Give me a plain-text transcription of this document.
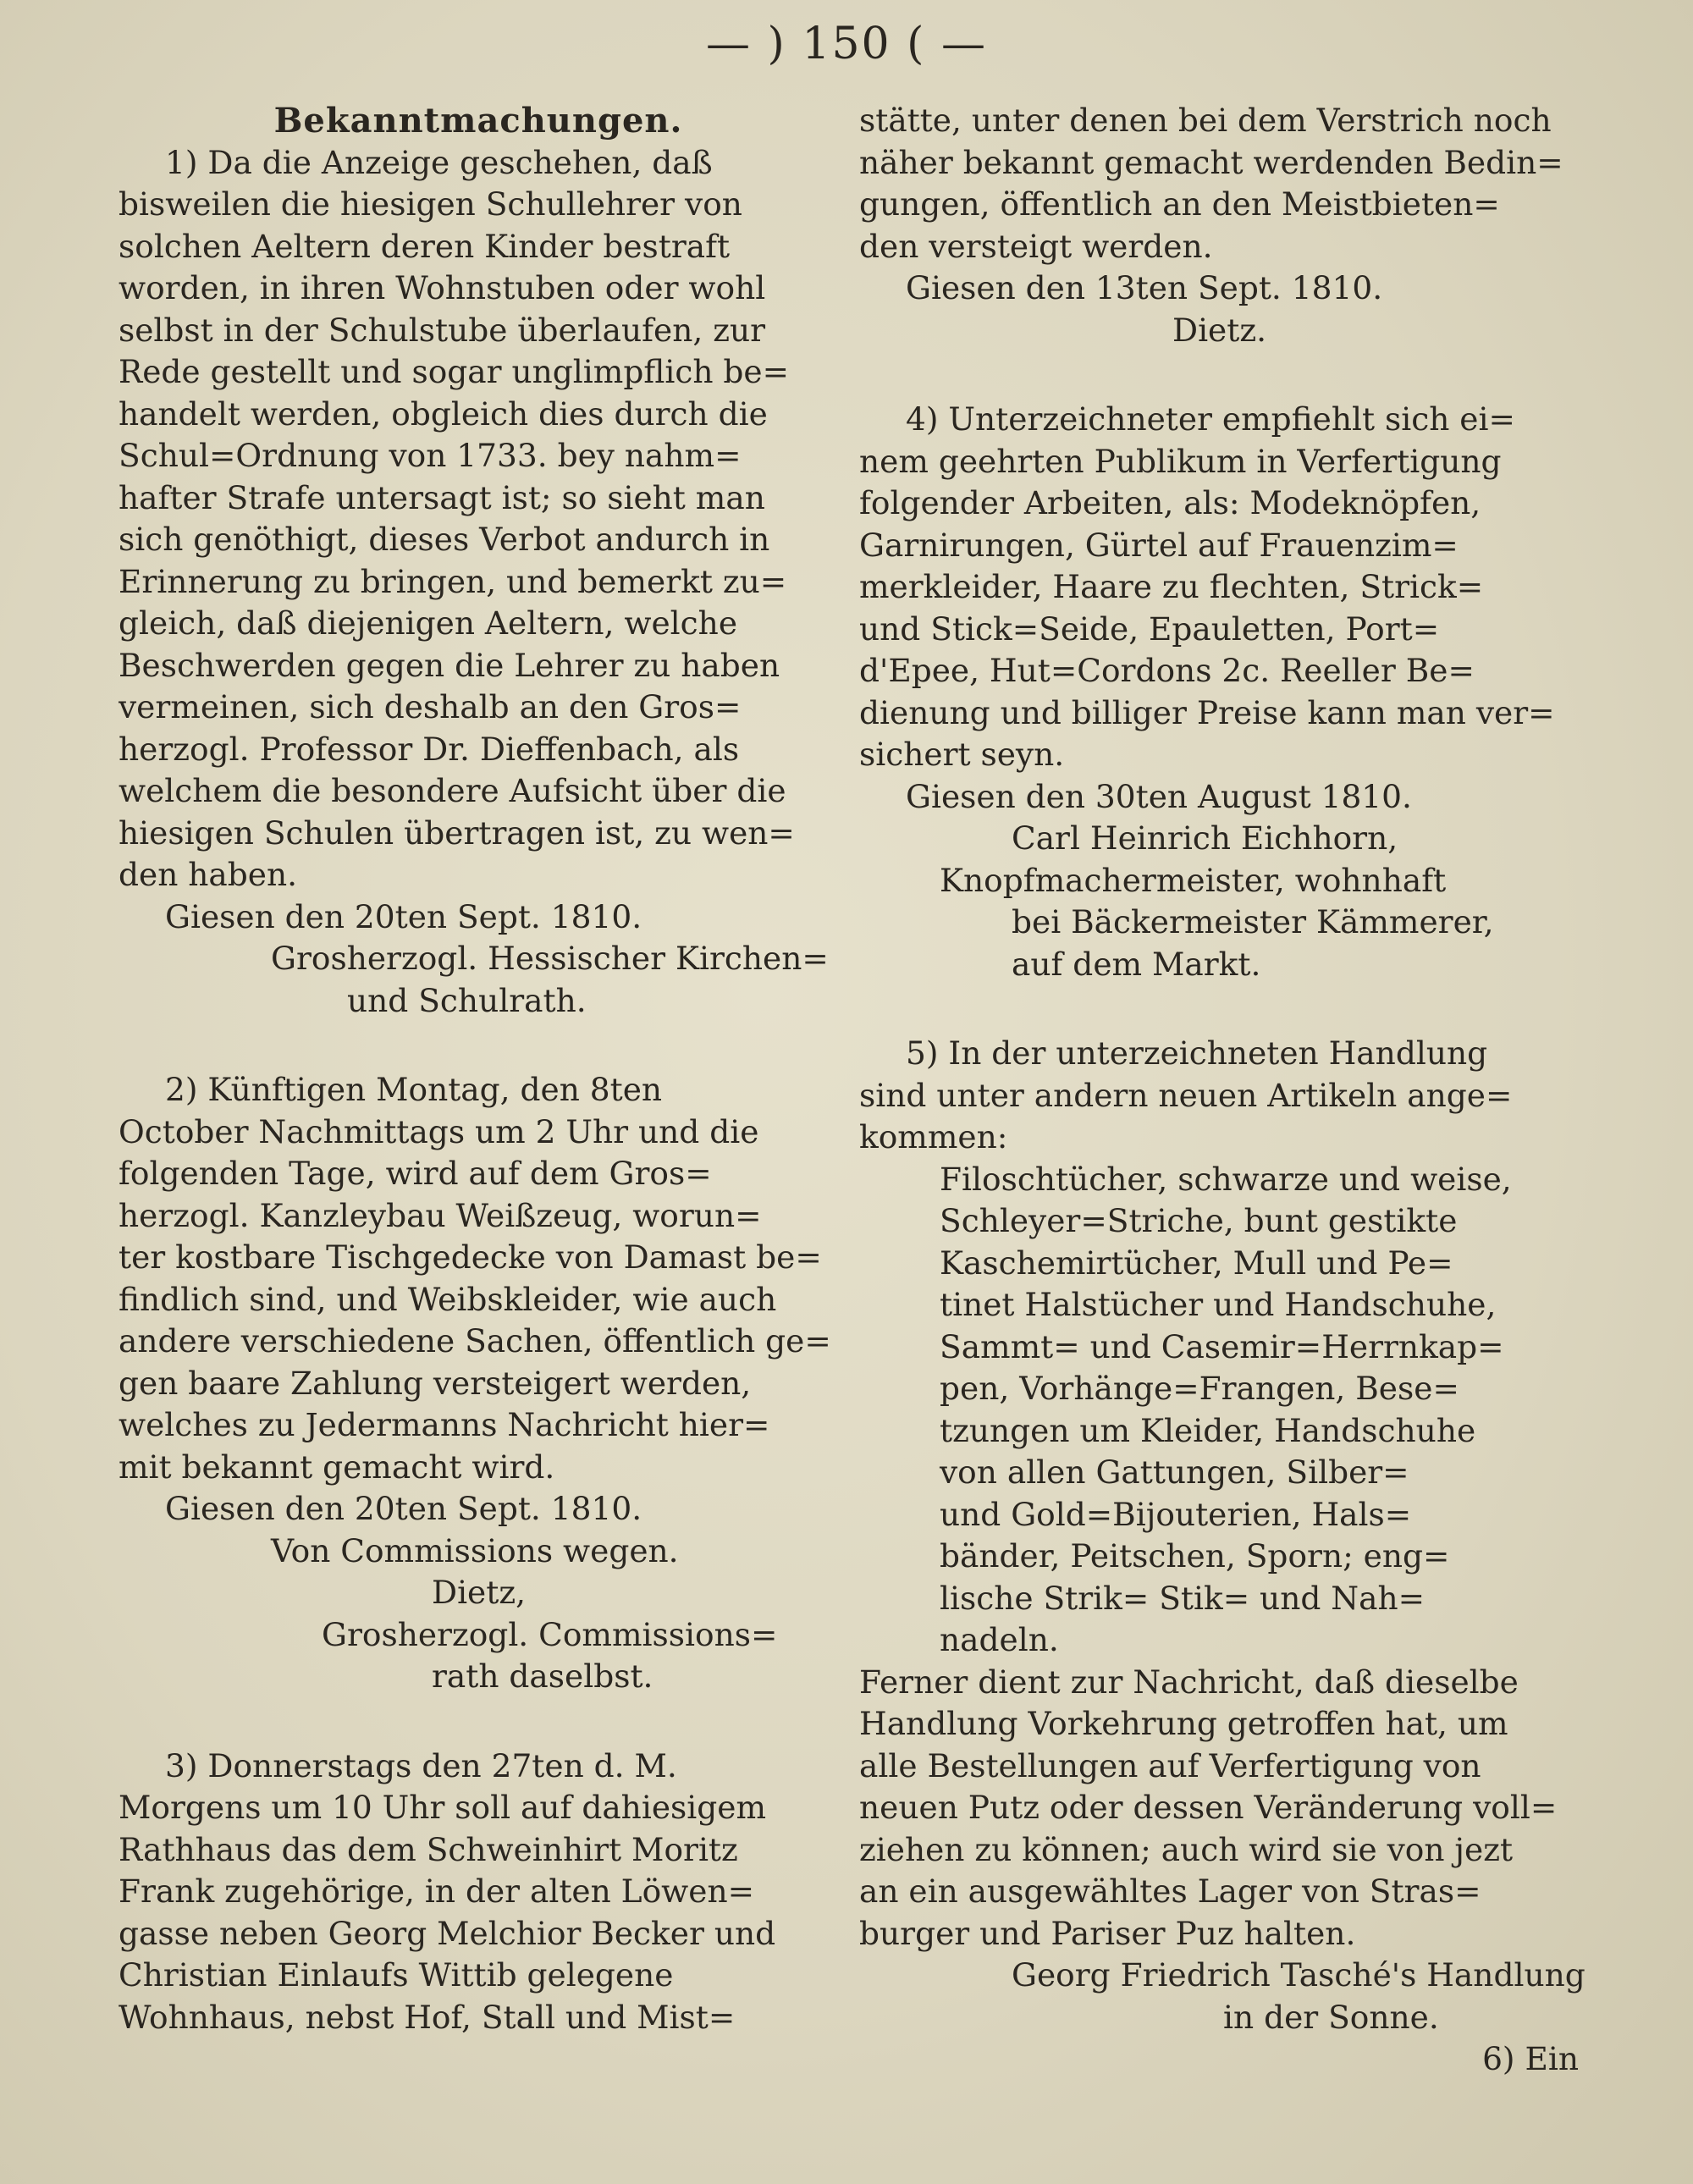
— ) 150 ( —
Bekanntmachungen.
1) Da die Anzeige geschehen, daß
bisweilen die hiesigen Schullehrer von
solchen Aeltern deren Kinder bestraft
worden, in ihren Wohnstuben oder wohl
selbst in der Schulstube überlaufen, zur
Rede gestellt und sogar unglimpflich be=
handelt werden, obgleich dies durch die
Schul=Ordnung von 1733. bey nahm=
hafter Strafe untersagt ist; so sieht man
sich genöthigt, dieses Verbot andurch in
Erinnerung zu bringen, und bemerkt zu=
gleich, daß diejenigen Aeltern, welche
Beschwerden gegen die Lehrer zu haben
vermeinen, sich deshalb an den Gros=
herzogl. Professor Dr. Dieffenbach, als
welchem die besondere Aufsicht über die
hiesigen Schulen übertragen ist, zu wen=
den haben.
Giesen den 20ten Sept. 1810.
Grosherzogl. Hessischer Kirchen=
und Schulrath.
2) Künftigen Montag, den 8ten
October Nachmittags um 2 Uhr und die
folgenden Tage, wird auf dem Gros=
herzogl. Kanzleybau Weißzeug, worun=
ter kostbare Tischgedecke von Damast be=
findlich sind, und Weibskleider, wie auch
andere verschiedene Sachen, öffentlich ge=
gen baare Zahlung versteigert werden,
welches zu Jedermanns Nachricht hier=
mit bekannt gemacht wird.
Giesen den 20ten Sept. 1810.
Von Commissions wegen.
Dietz,
Grosherzogl. Commissions=
rath daselbst.
3) Donnerstags den 27ten d. M.
Morgens um 10 Uhr soll auf dahiesigem
Rathhaus das dem Schweinhirt Moritz
Frank zugehörige, in der alten Löwen=
gasse neben Georg Melchior Becker und
Christian Einlaufs Wittib gelegene
Wohnhaus, nebst Hof, Stall und Mist=
stätte, unter denen bei dem Verstrich noch
näher bekannt gemacht werdenden Bedin=
gungen, öffentlich an den Meistbieten=
den versteigt werden.
Giesen den 13ten Sept. 1810.
Dietz.
4) Unterzeichneter empfiehlt sich ei=
nem geehrten Publikum in Verfertigung
folgender Arbeiten, als: Modeknöpfen,
Garnirungen, Gürtel auf Frauenzim=
merkleider, Haare zu flechten, Strick=
und Stick=Seide, Epauletten, Port=
d'Epee, Hut=Cordons 2c. Reeller Be=
dienung und billiger Preise kann man ver=
sichert seyn.
Giesen den 30ten August 1810.
Carl Heinrich Eichhorn,
Knopfmachermeister, wohnhaft
bei Bäckermeister Kämmerer,
auf dem Markt.
5) In der unterzeichneten Handlung
sind unter andern neuen Artikeln ange=
kommen:
Filoschtücher, schwarze und weise,
Schleyer=Striche, bunt gestikte
Kaschemirtücher, Mull und Pe=
tinet Halstücher und Handschuhe,
Sammt= und Casemir=Herrnkap=
pen, Vorhänge=Frangen, Bese=
tzungen um Kleider, Handschuhe
von allen Gattungen, Silber=
und Gold=Bijouterien, Hals=
bänder, Peitschen, Sporn; eng=
lische Strik= Stik= und Nah=
nadeln.
Ferner dient zur Nachricht, daß dieselbe
Handlung Vorkehrung getroffen hat, um
alle Bestellungen auf Verfertigung von
neuen Putz oder dessen Veränderung voll=
ziehen zu können; auch wird sie von jezt
an ein ausgewähltes Lager von Stras=
burger und Pariser Puz halten.
Georg Friedrich Tasché's Handlung
in der Sonne.
6) Ein
